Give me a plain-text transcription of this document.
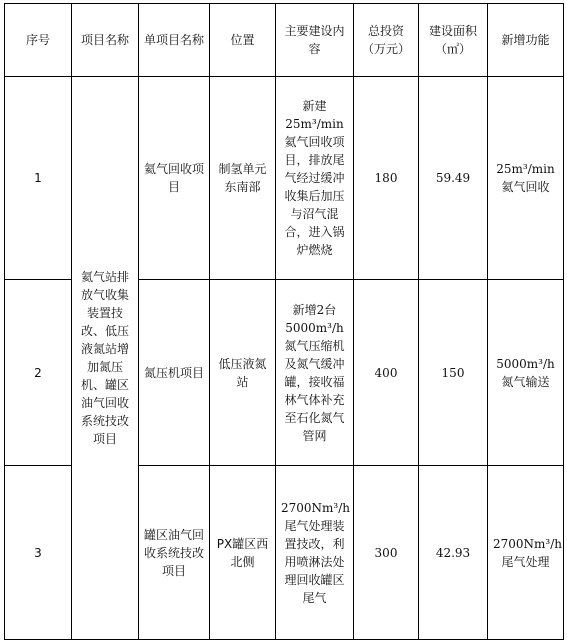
序号	项目名称	单项目名称	位置	主要建设内容	总投资（万元）	建设面积（㎡）	新增功能
1	氦气站排放气收集装置技改、低压液氮站增加氮压机、罐区油气回收系统技改项目	氦气回收项目	制氢单元东南部	新建25m³/min氦气回收项目，排放尾气经过缓冲收集后加压与沼气混合，进入锅炉燃烧	180	59.49	25m³/min氦气回收
2		氮压机项目	低压液氮站	新增2台5000m³/h氮气压缩机及氮气缓冲罐，接收福林气体补充至石化氮气管网	400	150	5000m³/h氮气输送
3		罐区油气回收系统技改项目	PX罐区西北侧	2700Nm³/h尾气处理装置技改，利用喷淋法处理回收罐区尾气	300	42.93	2700Nm³/h尾气处理
